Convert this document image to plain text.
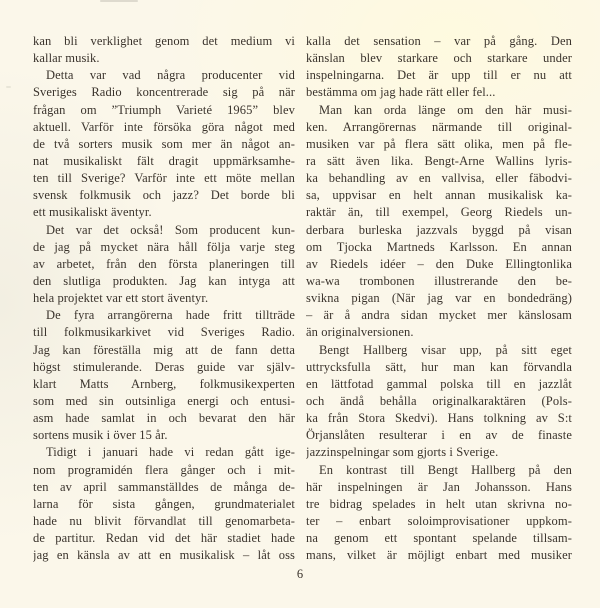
kan bli verklighet genom det medium vi
kallar musik.
Detta var vad några producenter vid
Sveriges Radio koncentrerade sig på när
frågan om ”Triumph Varieté 1965” blev
aktuell. Varför inte försöka göra något med
de två sorters musik som mer än något an-
nat musikaliskt fält dragit uppmärksamhe-
ten till Sverige? Varför inte ett möte mellan
svensk folkmusik och jazz? Det borde bli
ett musikaliskt äventyr.
Det var det också! Som producent kun-
de jag på mycket nära håll följa varje steg
av arbetet, från den första planeringen till
den slutliga produkten. Jag kan intyga att
hela projektet var ett stort äventyr.
De fyra arrangörerna hade fritt tillträde
till folkmusikarkivet vid Sveriges Radio.
Jag kan föreställa mig att de fann detta
högst stimulerande. Deras guide var själv-
klart Matts Arnberg, folkmusikexperten
som med sin outsinliga energi och entusi-
asm hade samlat in och bevarat den här
sortens musik i över 15 år.
Tidigt i januari hade vi redan gått ige-
nom programidén flera gånger och i mit-
ten av april sammanställdes de många de-
larna för sista gången, grundmaterialet
hade nu blivit förvandlat till genomarbeta-
de partitur. Redan vid det här stadiet hade
jag en känsla av att en musikalisk – låt oss
kalla det sensation – var på gång. Den
känslan blev starkare och starkare under
inspelningarna. Det är upp till er nu att
bestämma om jag hade rätt eller fel...
Man kan orda länge om den här musi-
ken. Arrangörernas närmande till original-
musiken var på flera sätt olika, men på fle-
ra sätt även lika. Bengt-Arne Wallins lyris-
ka behandling av en vallvisa, eller fäbodvi-
sa, uppvisar en helt annan musikalisk ka-
raktär än, till exempel, Georg Riedels un-
derbara burleska jazzvals byggd på visan
om Tjocka Martneds Karlsson. En annan
av Riedels idéer – den Duke Ellingtonlika
wa-wa trombonen illustrerande den be-
svikna pigan (När jag var en bondedräng)
– är å andra sidan mycket mer känslosam
än originalversionen.
Bengt Hallberg visar upp, på sitt eget
uttrycksfulla sätt, hur man kan förvandla
en lättfotad gammal polska till en jazzlåt
och ändå behålla originalkaraktären (Pols-
ka från Stora Skedvi). Hans tolkning av S:t
Örjanslåten resulterar i en av de finaste
jazzinspelningar som gjorts i Sverige.
En kontrast till Bengt Hallberg på den
här inspelningen är Jan Johansson. Hans
tre bidrag spelades in helt utan skrivna no-
ter – enbart soloimprovisationer uppkom-
na genom ett spontant spelande tillsam-
mans, vilket är möjligt enbart med musiker
6
